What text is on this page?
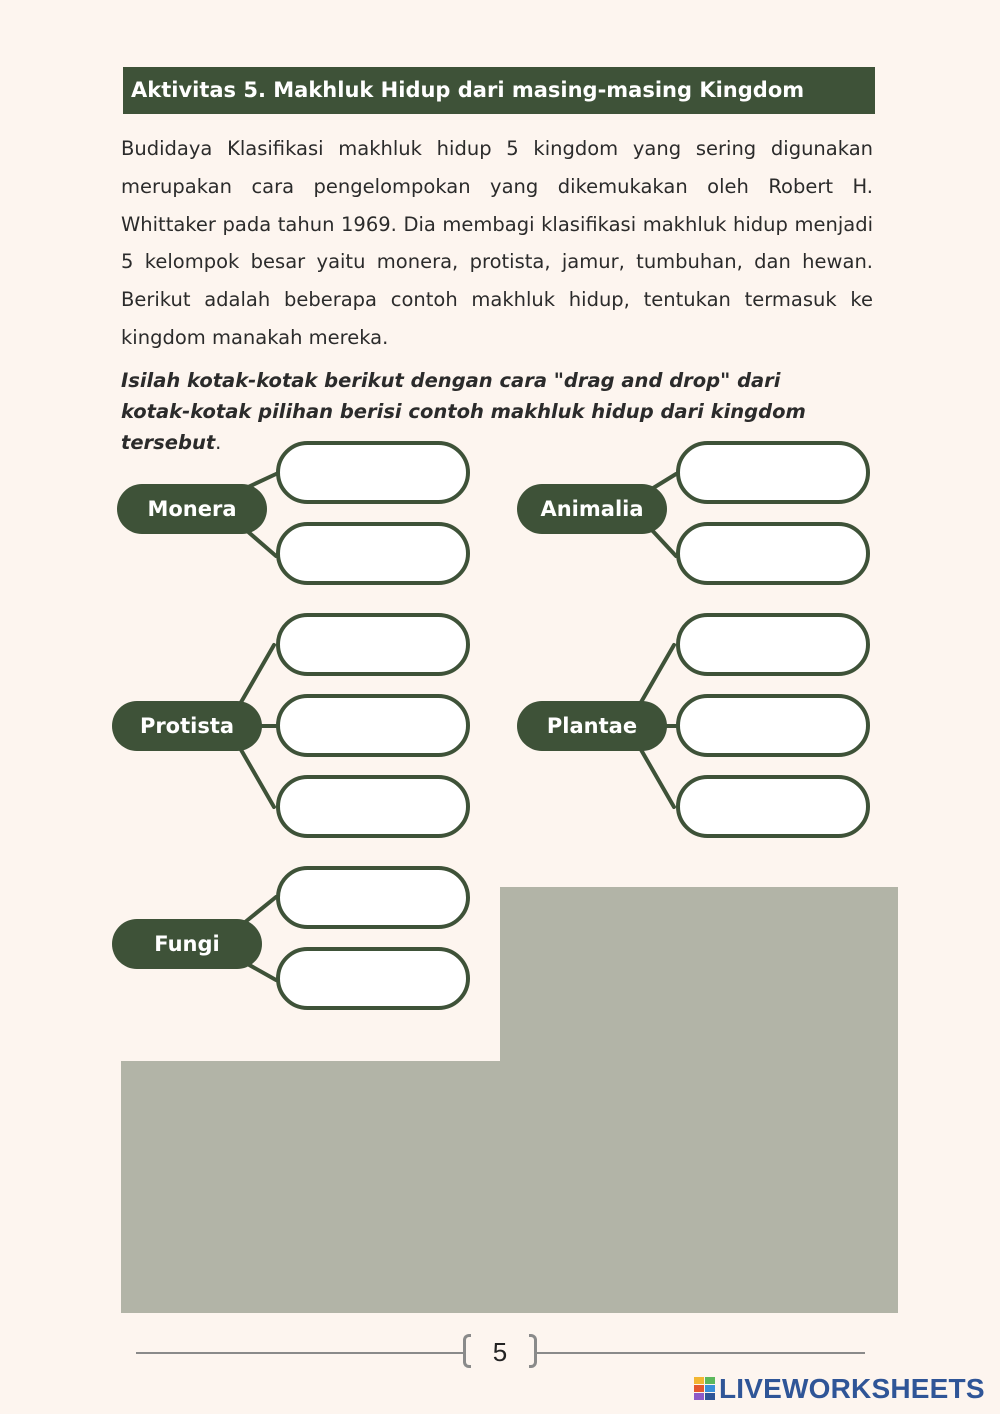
Aktivitas 5. Makhluk Hidup dari masing-masing Kingdom

Budidaya Klasifikasi makhluk hidup 5 kingdom yang sering digunakan merupakan cara pengelompokan yang dikemukakan oleh Robert H. Whittaker pada tahun 1969. Dia membagi klasifikasi makhluk hidup menjadi 5 kelompok besar yaitu monera, protista, jamur, tumbuhan, dan hewan. Berikut adalah beberapa contoh makhluk hidup, tentukan termasuk ke kingdom manakah mereka.

Isilah kotak-kotak berikut dengan cara "drag and drop" dari kotak-kotak pilihan berisi contoh makhluk hidup dari kingdom tersebut.

Monera	Animalia
Protista	Plantae
Fungi
5
LIVEWORKSHEETS
